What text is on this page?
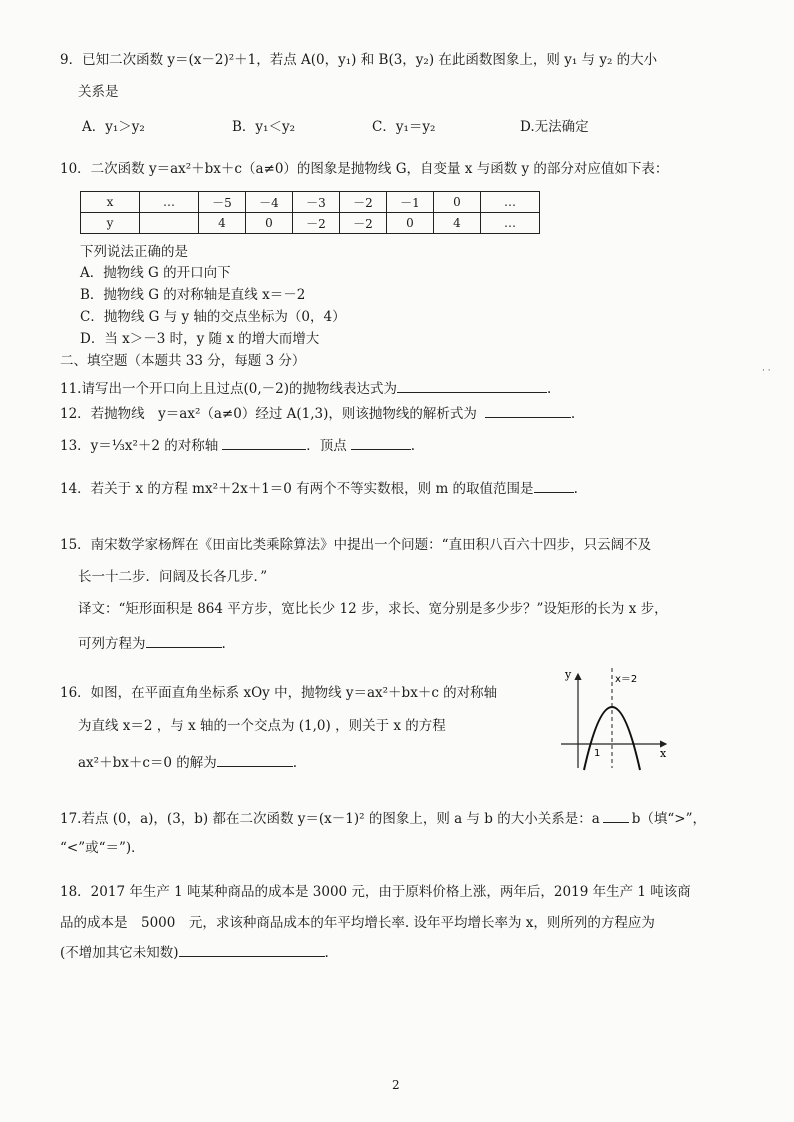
9．已知二次函数 y＝(x－2)²＋1，若点 A(0，y₁) 和 B(3，y₂) 在此函数图象上，则 y₁ 与 y₂ 的大小
关系是
A．y₁＞y₂	B．y₁＜y₂	C．y₁＝y₂	D.无法确定
10．二次函数 y＝ax²＋bx＋c（a≠0）的图象是抛物线 G，自变量 x 与函数 y 的部分对应值如下表：
x	…	－5	－4	－3	－2	－1	0	…
y		4	0	－2	－2	0	4	…
下列说法正确的是
A．抛物线 G 的开口向下
B．抛物线 G 的对称轴是直线 x＝－2
C．抛物线 G 与 y 轴的交点坐标为（0，4）
D．当 x＞－3 时，y 随 x 的增大而增大
二、填空题（本题共 33 分，每题 3 分）
· ·
11.请写出一个开口向上且过点(0,－2)的抛物线表达式为	.
12．若抛物线　y＝ax²（a≠0）经过 A(1,3)，则该抛物线的解析式为	.
13．y＝⅓x²＋2 的对称轴	．顶点	.
14．若关于 x 的方程 mx²＋2x＋1＝0 有两个不等实数根，则 m 的取值范围是	.
15．南宋数学家杨辉在《田亩比类乘除算法》中提出一个问题：“直田积八百六十四步，只云阔不及
长一十二步．问阔及长各几步．”
译文：“矩形面积是 864 平方步，宽比长少 12 步，求长、宽分别是多少步？”设矩形的长为 x 步，
可列方程为	.
16．如图，在平面直角坐标系 xOy 中，抛物线 y＝ax²＋bx＋c 的对称轴
为直线 x＝2 ，与 x 轴的一个交点为 (1,0) ，则关于 x 的方程
ax²＋bx＋c＝0 的解为	.
y
x
x＝2
1
17.若点 (0，a)，(3，b) 都在二次函数 y＝(x－1)² 的图象上，则 a 与 b 的大小关系是：a b（填“>”，
“<”或“＝”)．
18．2017 年生产 1 吨某种商品的成本是 3000 元，由于原料价格上涨，两年后，2019 年生产 1 吨该商
品的成本是　5000　元，求该种商品成本的年平均增长率. 设年平均增长率为 x，则所列的方程应为
(不增加其它未知数)	.
2
